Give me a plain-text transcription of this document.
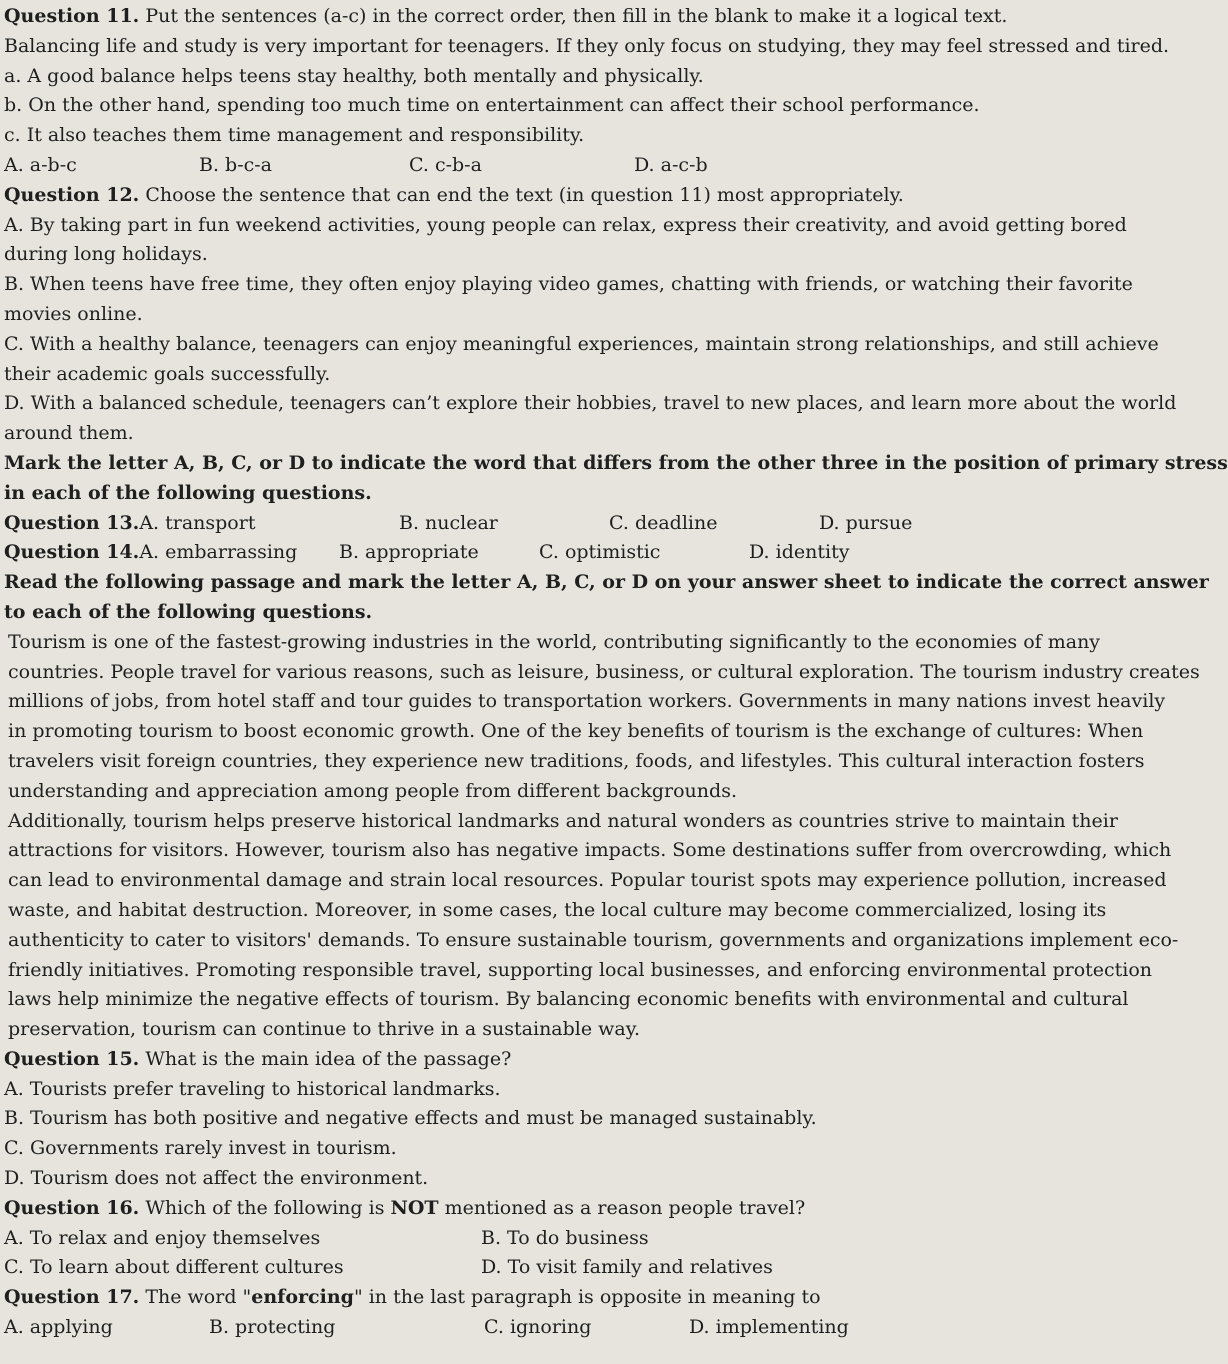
Question 11. Put the sentences (a-c) in the correct order, then fill in the blank to make it a logical text.
Balancing life and study is very important for teenagers. If they only focus on studying, they may feel stressed and tired.
a. A good balance helps teens stay healthy, both mentally and physically.
b. On the other hand, spending too much time on entertainment can affect their school performance.
c. It also teaches them time management and responsibility.
A. a-b-c	B. b-c-a	C. c-b-a	D. a-c-b
Question 12. Choose the sentence that can end the text (in question 11) most appropriately.
A. By taking part in fun weekend activities, young people can relax, express their creativity, and avoid getting bored
during long holidays.
B. When teens have free time, they often enjoy playing video games, chatting with friends, or watching their favorite
movies online.
C. With a healthy balance, teenagers can enjoy meaningful experiences, maintain strong relationships, and still achieve
their academic goals successfully.
D. With a balanced schedule, teenagers can’t explore their hobbies, travel to new places, and learn more about the world
around them.
Mark the letter A, B, C, or D to indicate the word that differs from the other three in the position of primary stress
in each of the following questions.
Question 13.A. transport	B. nuclear	C. deadline	D. pursue
Question 14.A. embarrassing	B. appropriate	C. optimistic	D. identity
Read the following passage and mark the letter A, B, C, or D on your answer sheet to indicate the correct answer
to each of the following questions.
Tourism is one of the fastest-growing industries in the world, contributing significantly to the economies of many
countries. People travel for various reasons, such as leisure, business, or cultural exploration. The tourism industry creates
millions of jobs, from hotel staff and tour guides to transportation workers. Governments in many nations invest heavily
in promoting tourism to boost economic growth. One of the key benefits of tourism is the exchange of cultures: When
travelers visit foreign countries, they experience new traditions, foods, and lifestyles. This cultural interaction fosters
understanding and appreciation among people from different backgrounds.
Additionally, tourism helps preserve historical landmarks and natural wonders as countries strive to maintain their
attractions for visitors. However, tourism also has negative impacts. Some destinations suffer from overcrowding, which
can lead to environmental damage and strain local resources. Popular tourist spots may experience pollution, increased
waste, and habitat destruction. Moreover, in some cases, the local culture may become commercialized, losing its
authenticity to cater to visitors' demands. To ensure sustainable tourism, governments and organizations implement eco-
friendly initiatives. Promoting responsible travel, supporting local businesses, and enforcing environmental protection
laws help minimize the negative effects of tourism. By balancing economic benefits with environmental and cultural
preservation, tourism can continue to thrive in a sustainable way.
Question 15. What is the main idea of the passage?
A. Tourists prefer traveling to historical landmarks.
B. Tourism has both positive and negative effects and must be managed sustainably.
C. Governments rarely invest in tourism.
D. Tourism does not affect the environment.
Question 16. Which of the following is NOT mentioned as a reason people travel?
A. To relax and enjoy themselves	B. To do business
C. To learn about different cultures	D. To visit family and relatives
Question 17. The word "enforcing" in the last paragraph is opposite in meaning to
A. applying	B. protecting	C. ignoring	D. implementing
